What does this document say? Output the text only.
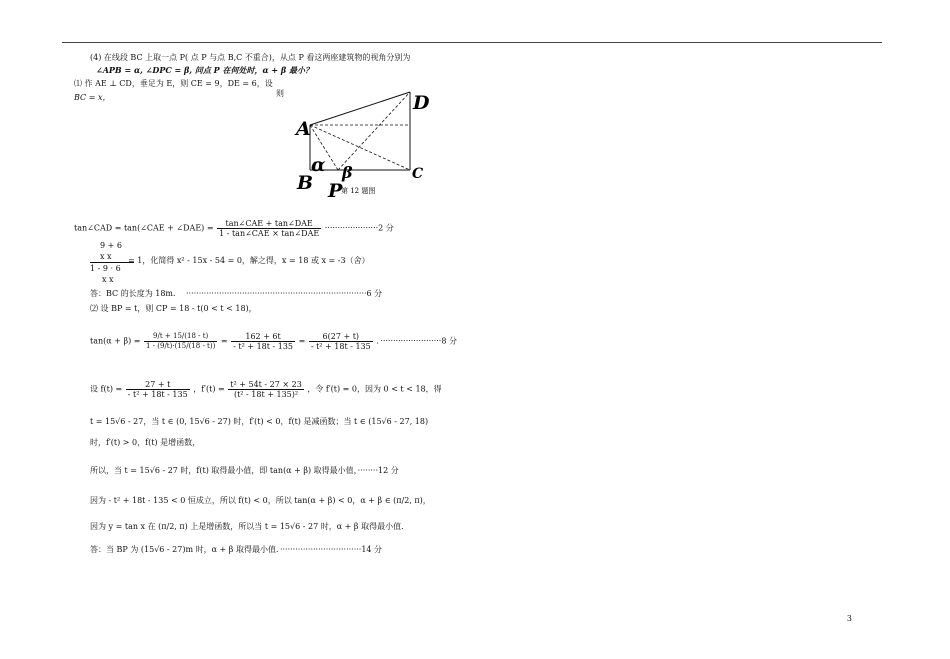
(4) 在线段 BC 上取一点 P( 点 P 与点 B,C 不重合)，从点 P 看这两座建筑物的视角分别为
∠APB = α, ∠DPC = β, 问点 P 在何处时，α + β 最小？
⑴ 作 AE ⊥ CD，垂足为 E，则 CE = 9，DE = 6，设
则
BC = x，
A
B	C
D
P
α β
第 12 题图
tan∠CAD = tan(∠CAE + ∠DAE) = $\frac{\text{tan∠CAE + tan∠DAE}}{\text{1 - tan∠CAE × tan∠DAE}} \cdot\cdot\cdot\cdot\cdot\cdot\cdot\cdot\cdot\cdot\cdot\cdot\cdot\cdot\cdot\cdot\cdot\cdot\cdot\cdot\cdot 2$ 分
9 + 6
x x
1 - 9 · 6
x x
= 1，化简得 x² - 15x - 54 = 0，解之得，x = 18 或 x = -3（舍）
答：BC 的长度为 18m． ·······································································6 分
⑵ 设 BP = t，则 CP = 18 - t(0 < t < 18)，
$\tan(\alpha + \beta) = \frac{9/t + 15/(18 - t)}{1 - (9/t)\cdot(15/(18 - t))} = \frac{162 + 6t}{\text{- t² + 18t - 135}} = \frac{6(27 + t)}{\text{- t² + 18t - 135}}$ ．························8 分
设 $f(t) = \frac{27 + t}{\text{- t² + 18t - 135}}$ ，$f'(t) = \frac{\text{t² + 54t - 27 × 23}}{\text{(t² - 18t + 135)²}}$ ，令 f′(t) = 0，因为 0 < t < 18，得
t = 15√6 - 27，当 t ∈ (0, 15√6 - 27) 时，f′(t) < 0，f(t) 是减函数；当 t ∈ (15√6 - 27, 18)
时，f′(t) > 0，f(t) 是增函数，
所以，当 t = 15√6 - 27 时，f(t) 取得最小值，即 tan(α + β) 取得最小值，········12 分
因为 - t² + 18t - 135 < 0 恒成立，所以 f(t) < 0，所以 tan(α + β) < 0，α + β ∈ (π/2, π)，
因为 y = tan x 在 (π/2, π) 上是增函数，所以当 t = 15√6 - 27 时，α + β 取得最小值．
答：当 BP 为 (15√6 - 27)m 时，α + β 取得最小值．································14 分
3
